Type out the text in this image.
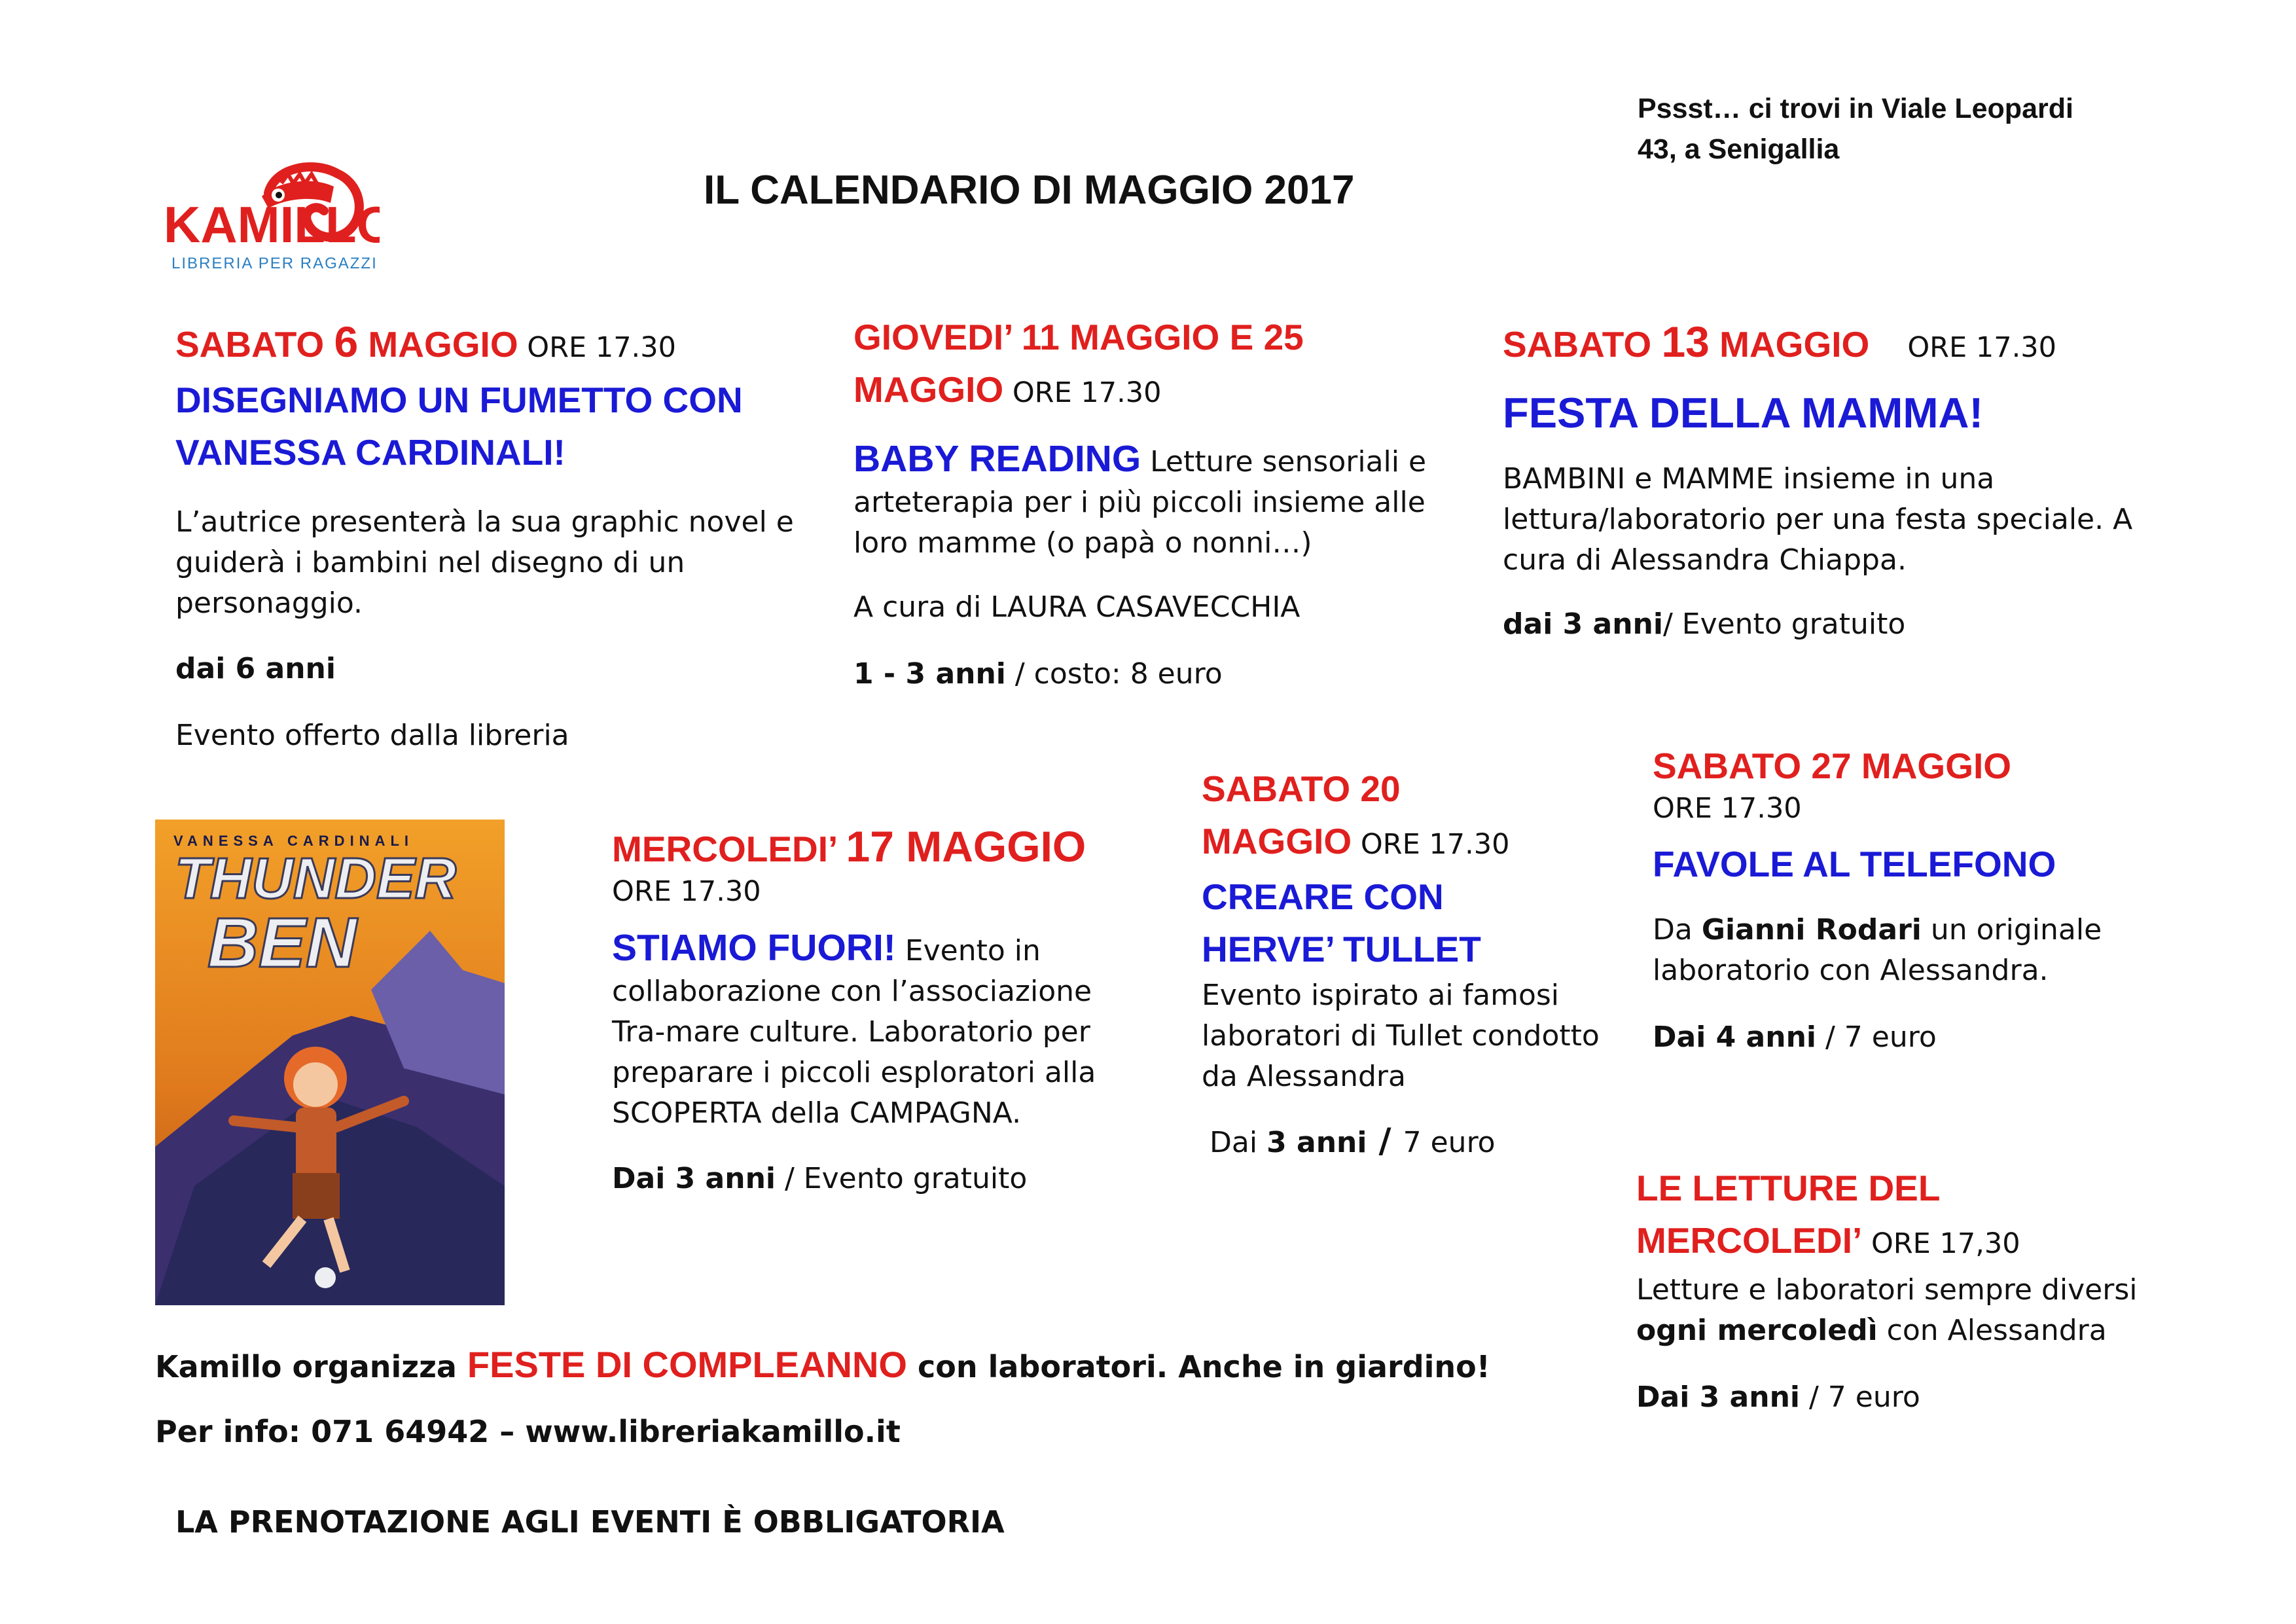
Pssst… ci trovi in Viale Leopardi
43, a Senigallia
IL CALENDARIO DI MAGGIO 2017
KAMILLO
LIBRERIA PER RAGAZZI
SABATO 6 MAGGIO ORE 17.30
DISEGNIAMO UN FUMETTO CON VANESSA CARDINALI!

L’autrice presenterà la sua graphic novel e guiderà i bambini nel disegno di un personaggio.

dai 6 anni

Evento offerto dalla libreria

GIOVEDI’ 11 MAGGIO E 25
MAGGIO ORE 17.30

BABY READING Letture sensoriali e arteterapia per i più piccoli insieme alle loro mamme (o papà o nonni…)

A cura di LAURA CASAVECCHIA

1 - 3 anni / costo: 8 euro

SABATO 13 MAGGIO ORE 17.30
FESTA DELLA MAMMA!

BAMBINI e MAMME insieme in una lettura/laboratorio per una festa speciale. A cura di Alessandra Chiappa.

dai 3 anni/ Evento gratuito

VANESSA CARDINALI
THUNDER
BEN
MERCOLEDI’ 17 MAGGIO
ORE 17.30

STIAMO FUORI! Evento in collaborazione con l’associazione Tra-mare culture. Laboratorio per preparare i piccoli esploratori alla SCOPERTA della CAMPAGNA.

Dai 3 anni / Evento gratuito

SABATO 20
MAGGIO ORE 17.30
CREARE CON
HERVE’ TULLET

Evento ispirato ai famosi laboratori di Tullet condotto da Alessandra

Dai 3 anni / 7 euro

SABATO 27 MAGGIO
ORE 17.30
FAVOLE AL TELEFONO

Da Gianni Rodari un originale laboratorio con Alessandra.

Dai 4 anni / 7 euro

LE LETTURE DEL
MERCOLEDI’ ORE 17,30

Letture e laboratori sempre diversi
ogni mercoledì con Alessandra

Dai 3 anni / 7 euro

Kamillo organizza FESTE DI COMPLEANNO con laboratori. Anche in giardino!
Per info: 071 64942 – www.libreriakamillo.it
LA PRENOTAZIONE AGLI EVENTI È OBBLIGATORIA
